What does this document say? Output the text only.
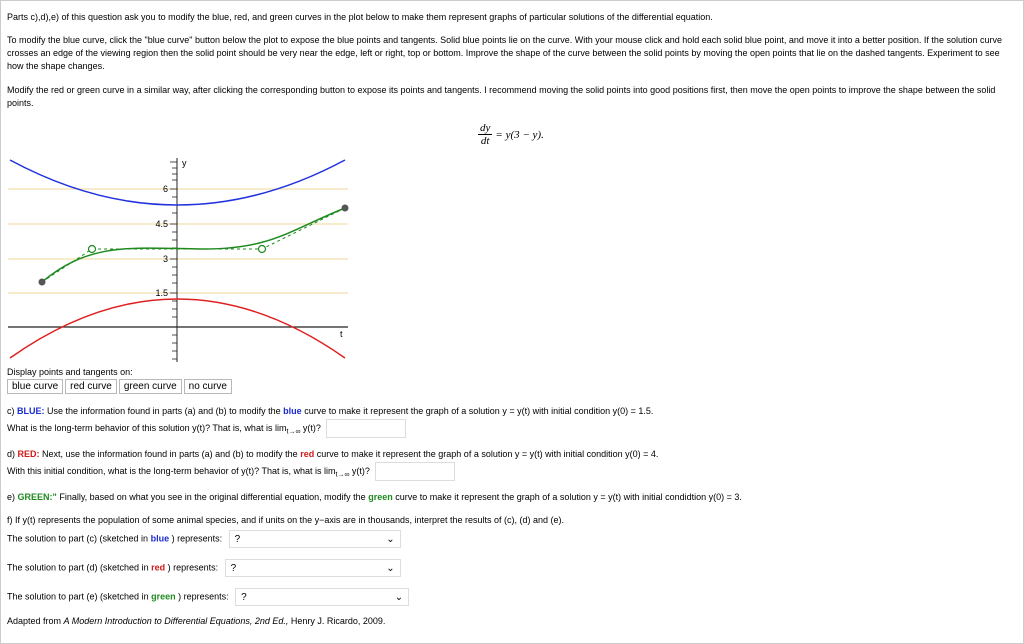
Parts c),d),e) of this question ask you to modify the blue, red, and green curves in the plot below to make them represent graphs of particular solutions of the differential equation.

To modify the blue curve, click the "blue curve" button below the plot to expose the blue points and tangents. Solid blue points lie on the curve. With your mouse click and hold each solid blue point, and move it into a better position. If the solution curve crosses an edge of the viewing region then the solid point should be very near the edge, left or right, top or bottom. Improve the shape of the curve between the solid points by moving the open points that lie on the dashed tangents. Experiment to see how the shape changes.

Modify the red or green curve in a similar way, after clicking the corresponding button to expose its points and tangents. I recommend moving the solid points into good positions first, then move the open points to improve the shape between the solid points.

$\frac{dy}{dt} = y(3 - y)$.
6
4.5
3
1.5
y
t

Display points and tangents on:

blue curve red curve green curve no curve

c) BLUE: Use the information found in parts (a) and (b) to modify the blue curve to make it represent the graph of a solution y = y(t) with initial condition y(0) = 1.5.

What is the long-term behavior of this solution y(t)? That is, what is $\lim_{t\to\infty} y(t)$?

d) RED: Next, use the information found in parts (a) and (b) to modify the red curve to make it represent the graph of a solution y = y(t) with initial condition y(0) = 4.

With this initial condition, what is the long-term behavior of y(t)? That is, what is $\lim_{t\to\infty} y(t)$?

e) GREEN:" Finally, based on what you see in the original differential equation, modify the green curve to make it represent the graph of a solution y = y(t) with initial condidtion y(0) = 3.

f) If y(t) represents the population of some animal species, and if units on the y−axis are in thousands, interpret the results of (c), (d) and (e).

The solution to part (c) (sketched in blue ) represents: ?	⌄

The solution to part (d) (sketched in red ) represents: ?	⌄

The solution to part (e) (sketched in green ) represents: ?	⌄

Adapted from A Modern Introduction to Differential Equations, 2nd Ed., Henry J. Ricardo, 2009.
